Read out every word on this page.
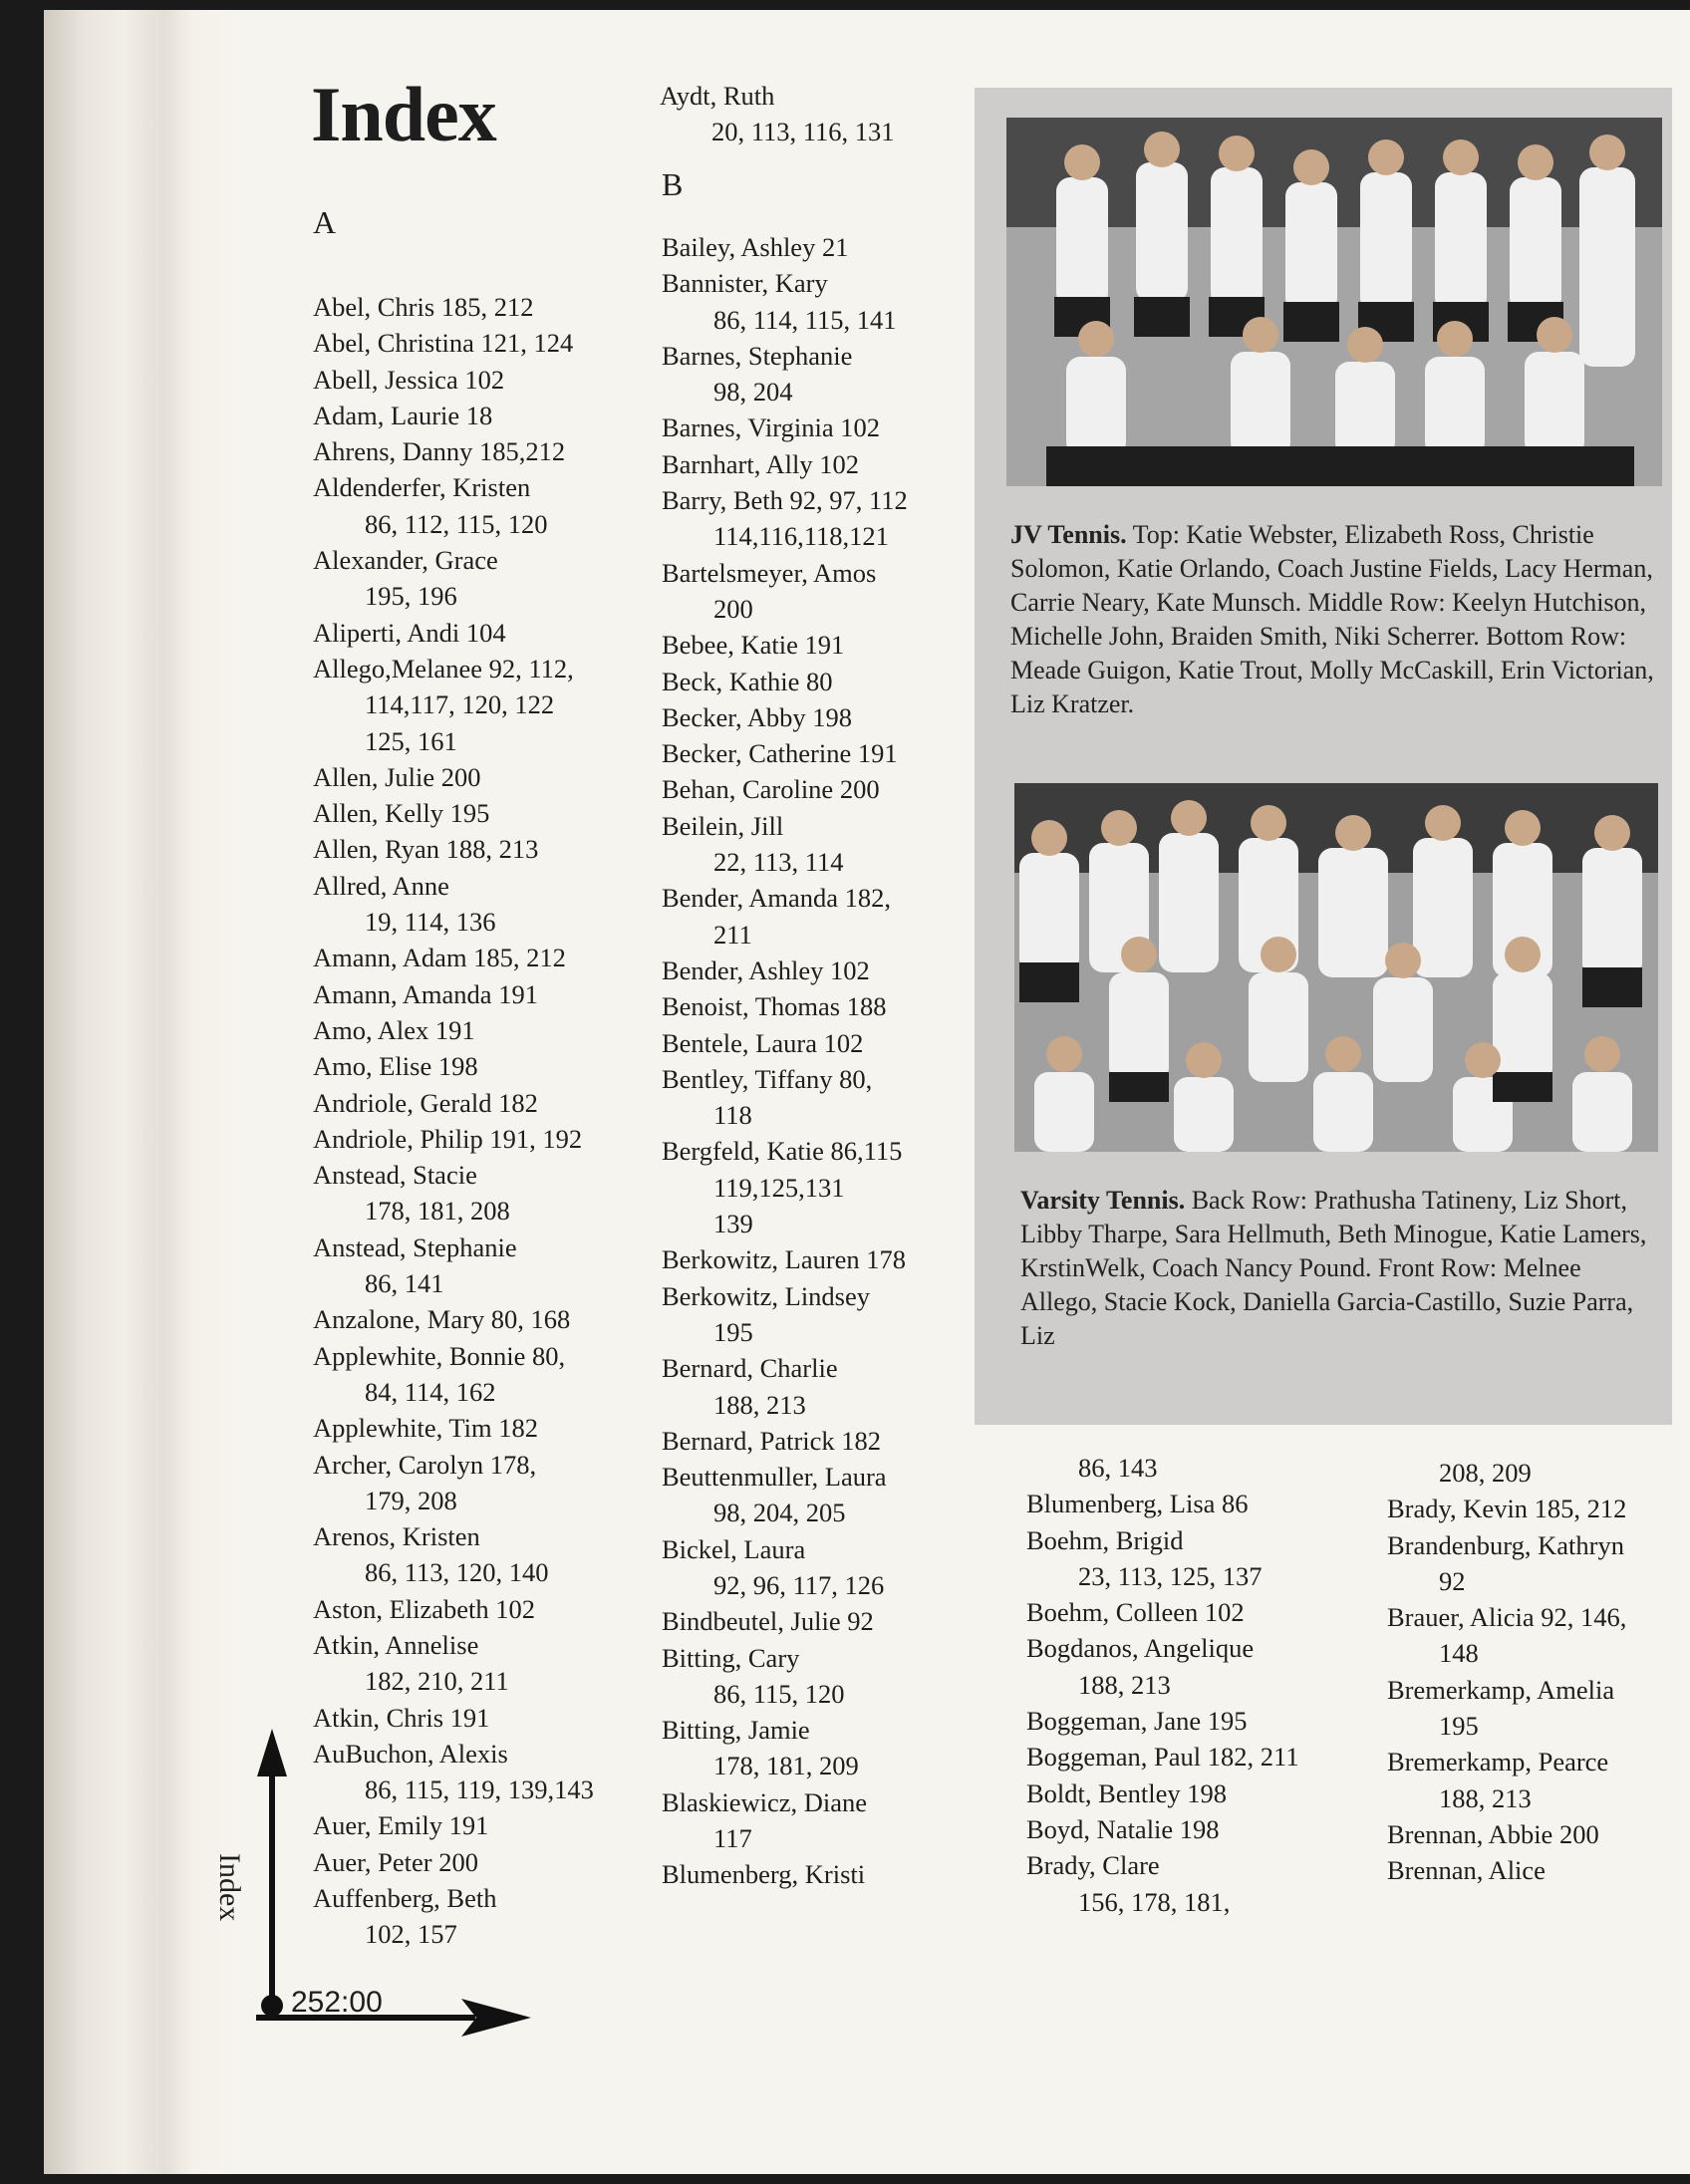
Index
A
B
Abel, Chris 185, 212
Abel, Christina 121, 124
Abell, Jessica 102
Adam, Laurie 18
Ahrens, Danny 185,212
Aldenderfer, Kristen
86, 112, 115, 120
Alexander, Grace
195, 196
Aliperti, Andi 104
Allego,Melanee 92, 112,
114,117, 120, 122
125, 161
Allen, Julie 200
Allen, Kelly 195
Allen, Ryan 188, 213
Allred, Anne
19, 114, 136
Amann, Adam 185, 212
Amann, Amanda 191
Amo, Alex 191
Amo, Elise 198
Andriole, Gerald 182
Andriole, Philip 191, 192
Anstead, Stacie
178, 181, 208
Anstead, Stephanie
86, 141
Anzalone, Mary 80, 168
Applewhite, Bonnie 80,
84, 114, 162
Applewhite, Tim 182
Archer, Carolyn 178,
179, 208
Arenos, Kristen
86, 113, 120, 140
Aston, Elizabeth 102
Atkin, Annelise
182, 210, 211
Atkin, Chris 191
AuBuchon, Alexis
86, 115, 119, 139,143
Auer, Emily 191
Auer, Peter 200
Auffenberg, Beth
102, 157
Aydt, Ruth
20, 113, 116, 131
Bailey, Ashley 21
Bannister, Kary
86, 114, 115, 141
Barnes, Stephanie
98, 204
Barnes, Virginia 102
Barnhart, Ally 102
Barry, Beth 92, 97, 112
114,116,118,121
Bartelsmeyer, Amos
200
Bebee, Katie 191
Beck, Kathie 80
Becker, Abby 198
Becker, Catherine 191
Behan, Caroline 200
Beilein, Jill
22, 113, 114
Bender, Amanda 182,
211
Bender, Ashley 102
Benoist, Thomas 188
Bentele, Laura 102
Bentley, Tiffany 80,
118
Bergfeld, Katie 86,115
119,125,131
139
Berkowitz, Lauren 178
Berkowitz, Lindsey
195
Bernard, Charlie
188, 213
Bernard, Patrick 182
Beuttenmuller, Laura
98, 204, 205
Bickel, Laura
92, 96, 117, 126
Bindbeutel, Julie 92
Bitting, Cary
86, 115, 120
Bitting, Jamie
178, 181, 209
Blaskiewicz, Diane
117
Blumenberg, Kristi
86, 143
Blumenberg, Lisa 86
Boehm, Brigid
23, 113, 125, 137
Boehm, Colleen 102
Bogdanos, Angelique
188, 213
Boggeman, Jane 195
Boggeman, Paul 182, 211
Boldt, Bentley 198
Boyd, Natalie 198
Brady, Clare
156, 178, 181,
208, 209
Brady, Kevin 185, 212
Brandenburg, Kathryn
92
Brauer, Alicia 92, 146,
148
Bremerkamp, Amelia
195
Bremerkamp, Pearce
188, 213
Brennan, Abbie 200
Brennan, Alice

JV Tennis. Top: Katie Webster, Elizabeth Ross, Christie Solomon, Katie Orlando, Coach Justine Fields, Lacy Herman, Carrie Neary, Kate Munsch. Middle Row: Keelyn Hutchison, Michelle John, Braiden Smith, Niki Scherrer. Bottom Row: Meade Guigon, Katie Trout, Molly McCaskill, Erin Victorian, Liz Kratzer.

Varsity Tennis. Back Row: Prathusha Tatineny, Liz Short, Libby Tharpe, Sara Hellmuth, Beth Minogue, Katie Lamers, KrstinWelk, Coach Nancy Pound. Front Row: Melnee Allego, Stacie Kock, Daniella Garcia-Castillo, Suzie Parra, Liz

Index
252:00
